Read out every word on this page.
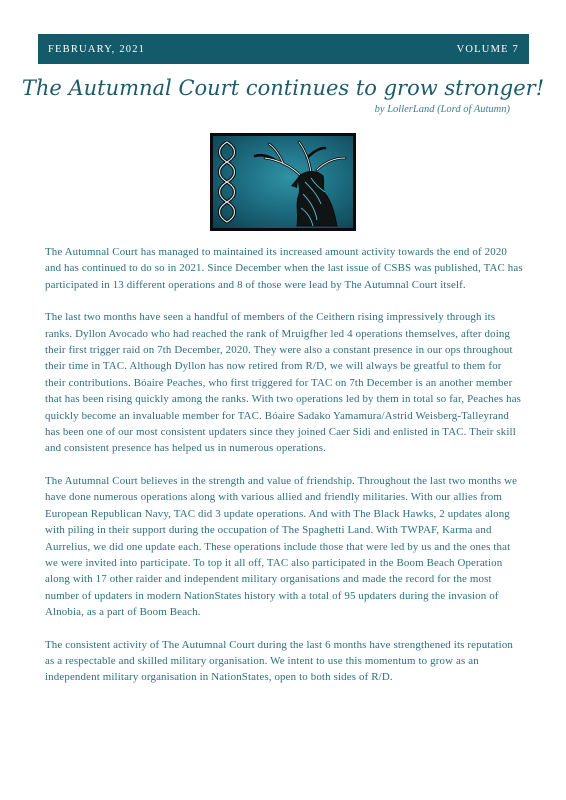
FEBRUARY, 2021	VOLUME 7
The Autumnal Court continues to grow stronger!
by LollerLand (Lord of Autumn)

The Autumnal Court has managed to maintained its increased amount activity towards the end of 2020 and has continued to do so in 2021. Since December when the last issue of CSBS was published, TAC has participated in 13 different operations and 8 of those were lead by The Autumnal Court itself.

The last two months have seen a handful of members of the Ceithern rising impressively through its ranks. Dyllon Avocado who had reached the rank of Mruigfher led 4 operations themselves, after doing their first trigger raid on 7th December, 2020. They were also a constant presence in our ops throughout their time in TAC. Although Dyllon has now retired from R/D, we will always be greatful to them for their contributions. Bóaire Peaches, who first triggered for TAC on 7th December is an another member that has been rising quickly among the ranks. With two operations led by them in total so far, Peaches has quickly become an invaluable member for TAC. Bóaire Sadako Yamamura/Astrid Weisberg-Talleyrand has been one of our most consistent updaters since they joined Caer Sidi and enlisted in TAC. Their skill and consistent presence has helped us in numerous operations.

The Autumnal Court believes in the strength and value of friendship. Throughout the last two months we have done numerous operations along with various allied and friendly militaries. With our allies from European Republican Navy, TAC did 3 update operations. And with The Black Hawks, 2 updates along with piling in their support during the occupation of The Spaghetti Land. With TWPAF, Karma and Aurrelius, we did one update each. These operations include those that were led by us and the ones that we were invited into participate. To top it all off, TAC also participated in the Boom Beach Operation along with 17 other raider and independent military organisations and made the record for the most number of updaters in modern NationStates history with a total of 95 updaters during the invasion of Alnobia, as a part of Boom Beach.

The consistent activity of The Autumnal Court during the last 6 months have strengthened its reputation as a respectable and skilled military organisation. We intent to use this momentum to grow as an independent military organisation in NationStates, open to both sides of R/D.
